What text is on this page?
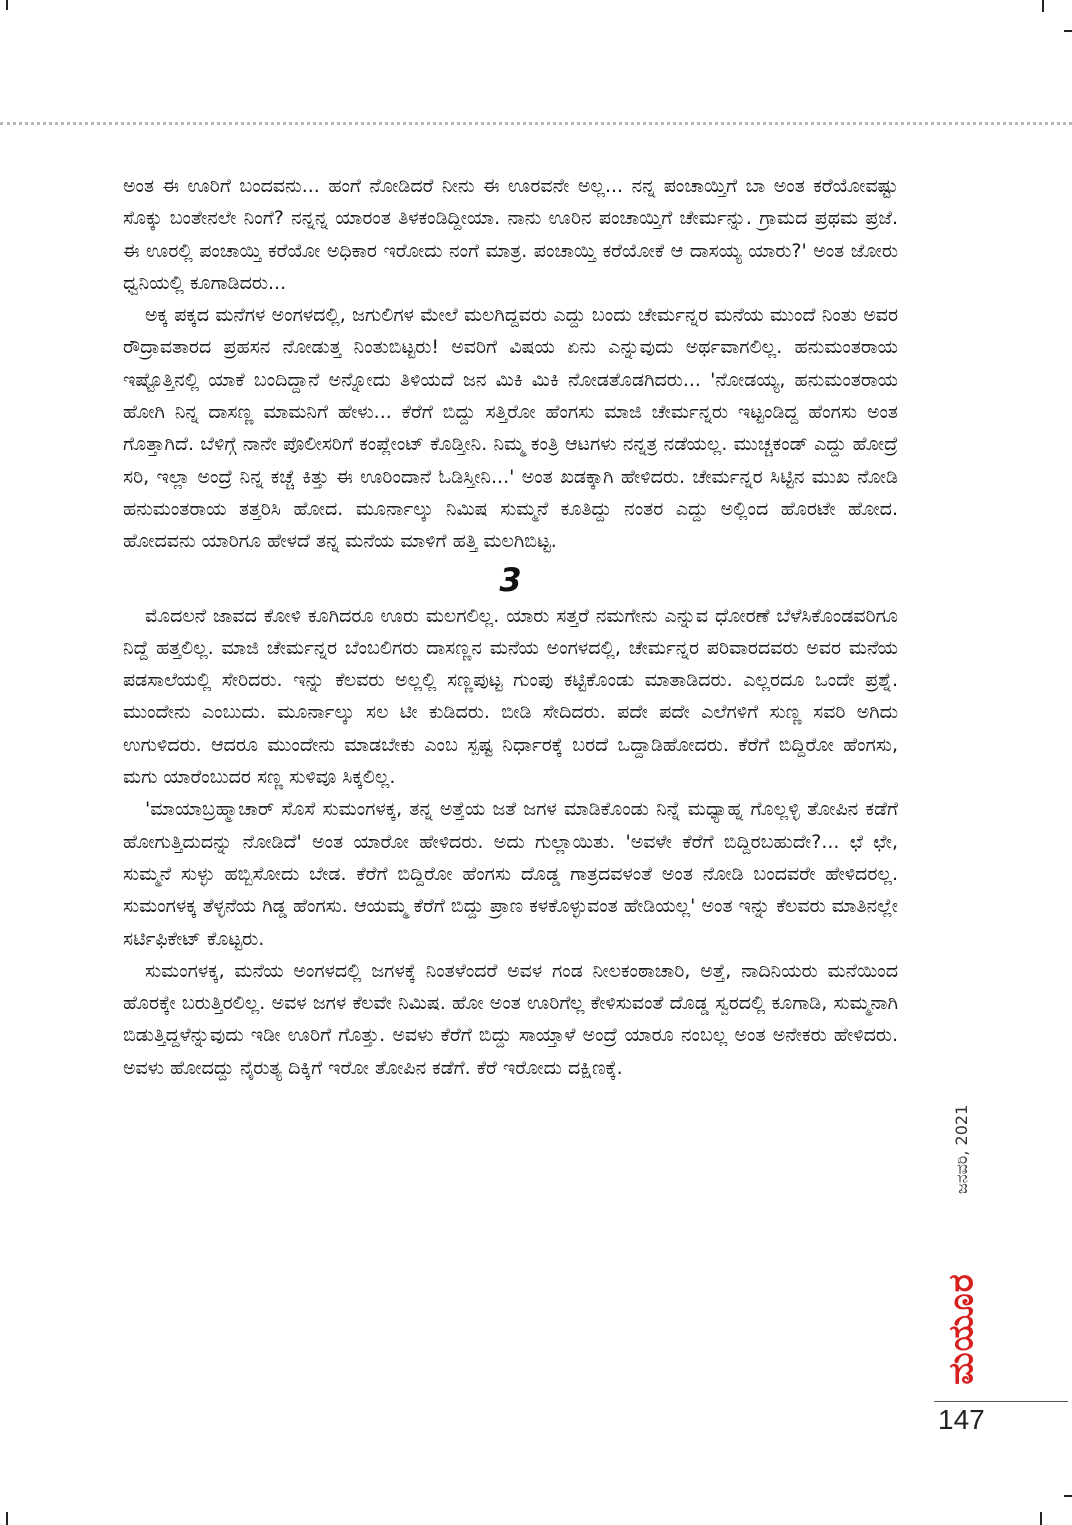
ಅಂತ ಈ ಊರಿಗೆ ಬಂದವನು... ಹಂಗೆ ನೋಡಿದರೆ ನೀನು ಈ ಊರವನೇ ಅಲ್ಲ... ನನ್ನ ಪಂಚಾಯ್ತಿಗೆ ಬಾ ಅಂತ ಕರೆಯೋವಷ್ಟು ಸೊಕ್ಕು ಬಂತೇನಲೇ ನಿಂಗೆ? ನನ್ನನ್ನ ಯಾರಂತ ತಿಳಕಂಡಿದ್ದೀಯಾ. ನಾನು ಊರಿನ ಪಂಚಾಯ್ತಿಗೆ ಚೇರ್ಮನ್ನು. ಗ್ರಾಮದ ಪ್ರಥಮ ಪ್ರಜೆ. ಈ ಊರಲ್ಲಿ ಪಂಚಾಯ್ತಿ ಕರೆಯೋ ಅಧಿಕಾರ ಇರೋದು ನಂಗೆ ಮಾತ್ರ. ಪಂಚಾಯ್ತಿ ಕರೆಯೋಕೆ ಆ ದಾಸಯ್ಯ ಯಾರು?' ಅಂತ ಜೋರು ಧ್ವನಿಯಲ್ಲಿ ಕೂಗಾಡಿದರು...

ಅಕ್ಕ ಪಕ್ಕದ ಮನೆಗಳ ಅಂಗಳದಲ್ಲಿ, ಜಗುಲಿಗಳ ಮೇಲೆ ಮಲಗಿದ್ದವರು ಎದ್ದು ಬಂದು ಚೇರ್ಮನ್ನರ ಮನೆಯ ಮುಂದೆ ನಿಂತು ಅವರ ರೌದ್ರಾವತಾರದ ಪ್ರಹಸನ ನೋಡುತ್ತ ನಿಂತುಬಿಟ್ಟರು! ಅವರಿಗೆ ವಿಷಯ ಏನು ಎನ್ನುವುದು ಅರ್ಥವಾಗಲಿಲ್ಲ. ಹನುಮಂತರಾಯ ಇಷ್ಟೊತ್ತಿನಲ್ಲಿ ಯಾಕೆ ಬಂದಿದ್ದಾನೆ ಅನ್ನೋದು ತಿಳಿಯದೆ ಜನ ಮಿಕಿ ಮಿಕಿ ನೋಡತೊಡಗಿದರು... 'ನೋಡಯ್ಯ, ಹನುಮಂತರಾಯ ಹೋಗಿ ನಿನ್ನ ದಾಸಣ್ಣ ಮಾಮನಿಗೆ ಹೇಳು... ಕೆರೆಗೆ ಬಿದ್ದು ಸತ್ತಿರೋ ಹೆಂಗಸು ಮಾಜಿ ಚೇರ್ಮನ್ನರು ಇಟ್ಟಂಡಿದ್ದ ಹೆಂಗಸು ಅಂತ ಗೊತ್ತಾಗಿದೆ. ಬೆಳಿಗ್ಗೆ ನಾನೇ ಪೊಲೀಸರಿಗೆ ಕಂಪ್ಲೇಂಟ್ ಕೊಡ್ತೀನಿ. ನಿಮ್ಮ ಕಂತ್ರಿ ಆಟಗಳು ನನ್ನತ್ರ ನಡೆಯಲ್ಲ. ಮುಚ್ಚಕಂಡ್ ಎದ್ದು ಹೋದ್ರೆ ಸರಿ, ಇಲ್ಲಾ ಅಂದ್ರೆ ನಿನ್ನ ಕಚ್ಚೆ ಕಿತ್ತು ಈ ಊರಿಂದಾನೆ ಓಡಿಸ್ತೀನಿ...' ಅಂತ ಖಡಕ್ಕಾಗಿ ಹೇಳಿದರು. ಚೇರ್ಮನ್ನರ ಸಿಟ್ಟಿನ ಮುಖ ನೋಡಿ ಹನುಮಂತರಾಯ ತತ್ತರಿಸಿ ಹೋದ. ಮೂರ್ನಾಲ್ಕು ನಿಮಿಷ ಸುಮ್ಮನೆ ಕೂತಿದ್ದು ನಂತರ ಎದ್ದು ಅಲ್ಲಿಂದ ಹೊರಟೇ ಹೋದ. ಹೋದವನು ಯಾರಿಗೂ ಹೇಳದೆ ತನ್ನ ಮನೆಯ ಮಾಳಿಗೆ ಹತ್ತಿ ಮಲಗಿಬಿಟ್ಟ.

3

ಮೊದಲನೆ ಜಾವದ ಕೋಳಿ ಕೂಗಿದರೂ ಊರು ಮಲಗಲಿಲ್ಲ. ಯಾರು ಸತ್ತರೆ ನಮಗೇನು ಎನ್ನುವ ಧೋರಣೆ ಬೆಳೆಸಿಕೊಂಡವರಿಗೂ ನಿದ್ದೆ ಹತ್ತಲಿಲ್ಲ. ಮಾಜಿ ಚೇರ್ಮನ್ನರ ಬೆಂಬಲಿಗರು ದಾಸಣ್ಣನ ಮನೆಯ ಅಂಗಳದಲ್ಲಿ, ಚೇರ್ಮನ್ನರ ಪರಿವಾರದವರು ಅವರ ಮನೆಯ ಪಡಸಾಲೆಯಲ್ಲಿ ಸೇರಿದರು. ಇನ್ನು ಕೆಲವರು ಅಲ್ಲಲ್ಲಿ ಸಣ್ಣಪುಟ್ಟ ಗುಂಪು ಕಟ್ಟಿಕೊಂಡು ಮಾತಾಡಿದರು. ಎಲ್ಲರದೂ ಒಂದೇ ಪ್ರಶ್ನೆ. ಮುಂದೇನು ಎಂಬುದು. ಮೂರ್ನಾಲ್ಕು ಸಲ ಟೀ ಕುಡಿದರು. ಬೀಡಿ ಸೇದಿದರು. ಪದೇ ಪದೇ ಎಲೆಗಳಿಗೆ ಸುಣ್ಣ ಸವರಿ ಅಗಿದು ಉಗುಳಿದರು. ಆದರೂ ಮುಂದೇನು ಮಾಡಬೇಕು ಎಂಬ ಸ್ಪಷ್ಟ ನಿರ್ಧಾರಕ್ಕೆ ಬರದೆ ಒದ್ದಾಡಿಹೋದರು. ಕೆರೆಗೆ ಬಿದ್ದಿರೋ ಹೆಂಗಸು, ಮಗು ಯಾರೆಂಬುದರ ಸಣ್ಣ ಸುಳಿವೂ ಸಿಕ್ಕಲಿಲ್ಲ.

'ಮಾಯಾಬ್ರಹ್ಮಾಚಾರ್ ಸೊಸೆ ಸುಮಂಗಳಕ್ಕ, ತನ್ನ ಅತ್ತೆಯ ಜತೆ ಜಗಳ ಮಾಡಿಕೊಂಡು ನಿನ್ನೆ ಮಧ್ಯಾಹ್ನ ಗೊಲ್ಲಳ್ಳಿ ತೋಪಿನ ಕಡೆಗೆ ಹೋಗುತ್ತಿದುದನ್ನು ನೋಡಿದೆ' ಅಂತ ಯಾರೋ ಹೇಳಿದರು. ಅದು ಗುಲ್ಲಾಯಿತು. 'ಅವಳೇ ಕೆರೆಗೆ ಬಿದ್ದಿರಬಹುದೇ?... ಛೆ ಛೇ, ಸುಮ್ಮನೆ ಸುಳ್ಳು ಹಬ್ಬಿಸೋದು ಬೇಡ. ಕೆರೆಗೆ ಬಿದ್ದಿರೋ ಹೆಂಗಸು ದೊಡ್ಡ ಗಾತ್ರದವಳಂತೆ ಅಂತ ನೋಡಿ ಬಂದವರೇ ಹೇಳಿದರಲ್ಲ. ಸುಮಂಗಳಕ್ಕ ತೆಳ್ಳನೆಯ ಗಿಡ್ಡ ಹೆಂಗಸು. ಆಯಮ್ಮ ಕೆರೆಗೆ ಬಿದ್ದು ಪ್ರಾಣ ಕಳಕೊಳ್ಳುವಂತ ಹೇಡಿಯಲ್ಲ' ಅಂತ ಇನ್ನು ಕೆಲವರು ಮಾತಿನಲ್ಲೇ ಸರ್ಟಿಫಿಕೇಟ್ ಕೊಟ್ಟರು.

ಸುಮಂಗಳಕ್ಕ, ಮನೆಯ ಅಂಗಳದಲ್ಲಿ ಜಗಳಕ್ಕೆ ನಿಂತಳೆಂದರೆ ಅವಳ ಗಂಡ ನೀಲಕಂಠಾಚಾರಿ, ಅತ್ತೆ, ನಾದಿನಿಯರು ಮನೆಯಿಂದ ಹೊರಕ್ಕೇ ಬರುತ್ತಿರಲಿಲ್ಲ. ಅವಳ ಜಗಳ ಕೆಲವೇ ನಿಮಿಷ. ಹೋ ಅಂತ ಊರಿಗೆಲ್ಲ ಕೇಳಿಸುವಂತೆ ದೊಡ್ಡ ಸ್ವರದಲ್ಲಿ ಕೂಗಾಡಿ, ಸುಮ್ಮನಾಗಿ ಬಿಡುತ್ತಿದ್ದಳೆನ್ನುವುದು ಇಡೀ ಊರಿಗೆ ಗೊತ್ತು. ಅವಳು ಕೆರೆಗೆ ಬಿದ್ದು ಸಾಯ್ತಾಳೆ ಅಂದ್ರೆ ಯಾರೂ ನಂಬಲ್ಲ ಅಂತ ಅನೇಕರು ಹೇಳಿದರು. ಅವಳು ಹೋದದ್ದು ನೈರುತ್ಯ ದಿಕ್ಕಿಗೆ ಇರೋ ತೋಪಿನ ಕಡೆಗೆ. ಕೆರೆ ಇರೋದು ದಕ್ಷಿಣಕ್ಕೆ.

ಜನವರಿ, 2021
ಮಯೂರ
147
